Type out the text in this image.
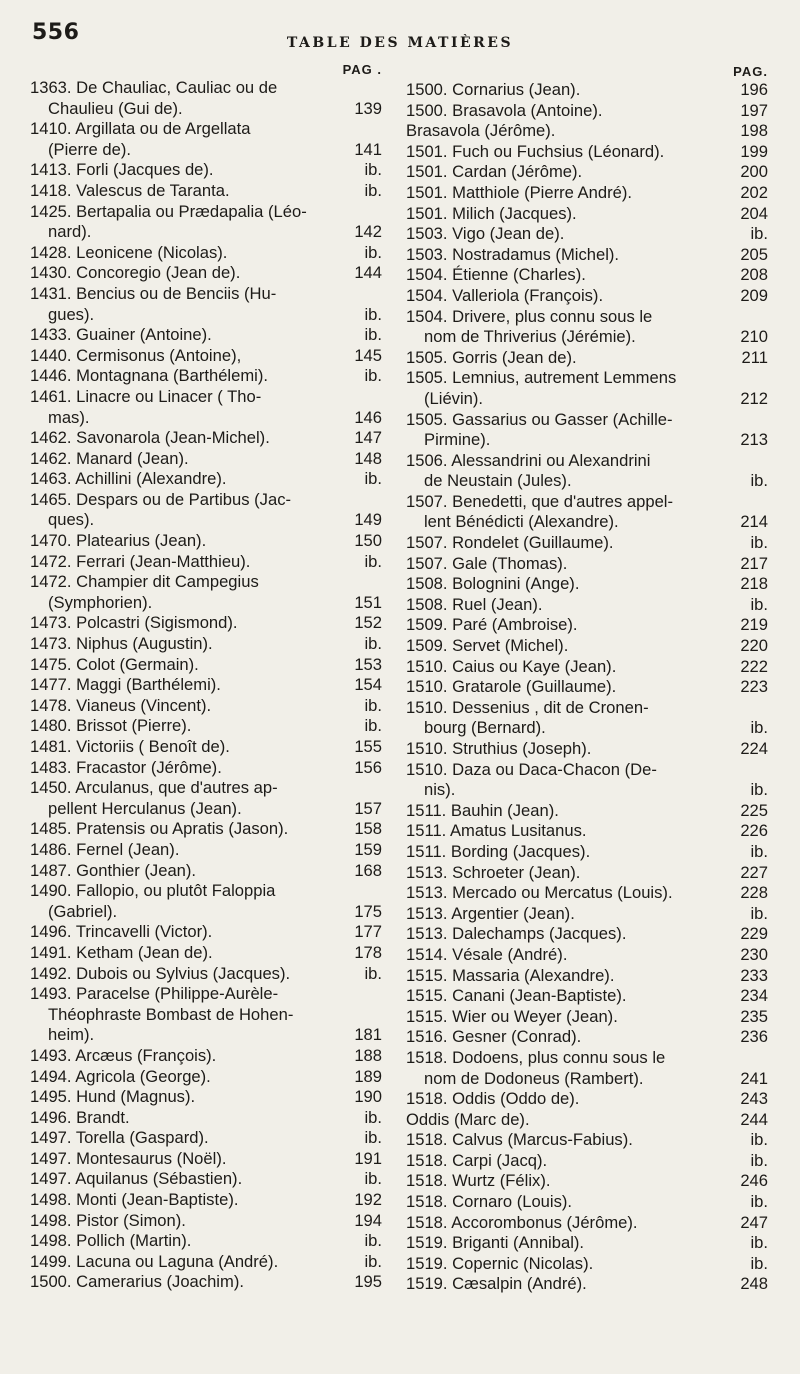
556	TABLE DES MATIÈRES
PAG .
1363. De Chauliac, Cauliac ou de
Chaulieu (Gui de).	139
1410. Argillata ou de Argellata
(Pierre de).	141
1413. Forli (Jacques de).	ib.
1418. Valescus de Taranta.	ib.
1425. Bertapalia ou Prædapalia (Léo-
nard).	142
1428. Leonicene (Nicolas).	ib.
1430. Concoregio (Jean de).	144
1431. Bencius ou de Benciis (Hu-
gues).	ib.
1433. Guainer (Antoine).	ib.
1440. Cermisonus (Antoine),	145
1446. Montagnana (Barthélemi).	ib.
1461. Linacre ou Linacer ( Tho-
mas).	146
1462. Savonarola (Jean-Michel).	147
1462. Manard (Jean).	148
1463. Achillini (Alexandre).	ib.
1465. Despars ou de Partibus (Jac-
ques).	149
1470. Platearius (Jean).	150
1472. Ferrari (Jean-Matthieu).	ib.
1472. Champier dit Campegius
(Symphorien).	151
1473. Polcastri (Sigismond).	152
1473. Niphus (Augustin).	ib.
1475. Colot (Germain).	153
1477. Maggi (Barthélemi).	154
1478. Vianeus (Vincent).	ib.
1480. Brissot (Pierre).	ib.
1481. Victoriis ( Benoît de).	155
1483. Fracastor (Jérôme).	156
1450. Arculanus, que d'autres ap-
pellent Herculanus (Jean).	157
1485. Pratensis ou Apratis (Jason).	158
1486. Fernel (Jean).	159
1487. Gonthier (Jean).	168
1490. Fallopio, ou plutôt Faloppia
(Gabriel).	175
1496. Trincavelli (Victor).	177
1491. Ketham (Jean de).	178
1492. Dubois ou Sylvius (Jacques).	ib.
1493. Paracelse (Philippe-Aurèle-
Théophraste Bombast de Hohen-
heim).	181
1493. Arcæus (François).	188
1494. Agricola (George).	189
1495. Hund (Magnus).	190
1496. Brandt.	ib.
1497. Torella (Gaspard).	ib.
1497. Montesaurus (Noël).	191
1497. Aquilanus (Sébastien).	ib.
1498. Monti (Jean-Baptiste).	192
1498. Pistor (Simon).	194
1498. Pollich (Martin).	ib.
1499. Lacuna ou Laguna (André).	ib.
1500. Camerarius (Joachim).	195
PAG.
1500. Cornarius (Jean).	196
1500. Brasavola (Antoine).	197
Brasavola (Jérôme).	198
1501. Fuch ou Fuchsius (Léonard).	199
1501. Cardan (Jérôme).	200
1501. Matthiole (Pierre André).	202
1501. Milich (Jacques).	204
1503. Vigo (Jean de).	ib.
1503. Nostradamus (Michel).	205
1504. Étienne (Charles).	208
1504. Valleriola (François).	209
1504. Drivere, plus connu sous le
nom de Thriverius (Jérémie).	210
1505. Gorris (Jean de).	211
1505. Lemnius, autrement Lemmens
(Liévin).	212
1505. Gassarius ou Gasser (Achille-
Pirmine).	213
1506. Alessandrini ou Alexandrini
de Neustain (Jules).	ib.
1507. Benedetti, que d'autres appel-
lent Bénédicti (Alexandre).	214
1507. Rondelet (Guillaume).	ib.
1507. Gale (Thomas).	217
1508. Bolognini (Ange).	218
1508. Ruel (Jean).	ib.
1509. Paré (Ambroise).	219
1509. Servet (Michel).	220
1510. Caius ou Kaye (Jean).	222
1510. Gratarole (Guillaume).	223
1510. Dessenius , dit de Cronen-
bourg (Bernard).	ib.
1510. Struthius (Joseph).	224
1510. Daza ou Daca-Chacon (De-
nis).	ib.
1511. Bauhin (Jean).	225
1511. Amatus Lusitanus.	226
1511. Bording (Jacques).	ib.
1513. Schroeter (Jean).	227
1513. Mercado ou Mercatus (Louis).	228
1513. Argentier (Jean).	ib.
1513. Dalechamps (Jacques).	229
1514. Vésale (André).	230
1515. Massaria (Alexandre).	233
1515. Canani (Jean-Baptiste).	234
1515. Wier ou Weyer (Jean).	235
1516. Gesner (Conrad).	236
1518. Dodoens, plus connu sous le
nom de Dodoneus (Rambert).	241
1518. Oddis (Oddo de).	243
Oddis (Marc de).	244
1518. Calvus (Marcus-Fabius).	ib.
1518. Carpi (Jacq).	ib.
1518. Wurtz (Félix).	246
1518. Cornaro (Louis).	ib.
1518. Accorombonus (Jérôme).	247
1519. Briganti (Annibal).	ib.
1519. Copernic (Nicolas).	ib.
1519. Cæsalpin (André).	248
